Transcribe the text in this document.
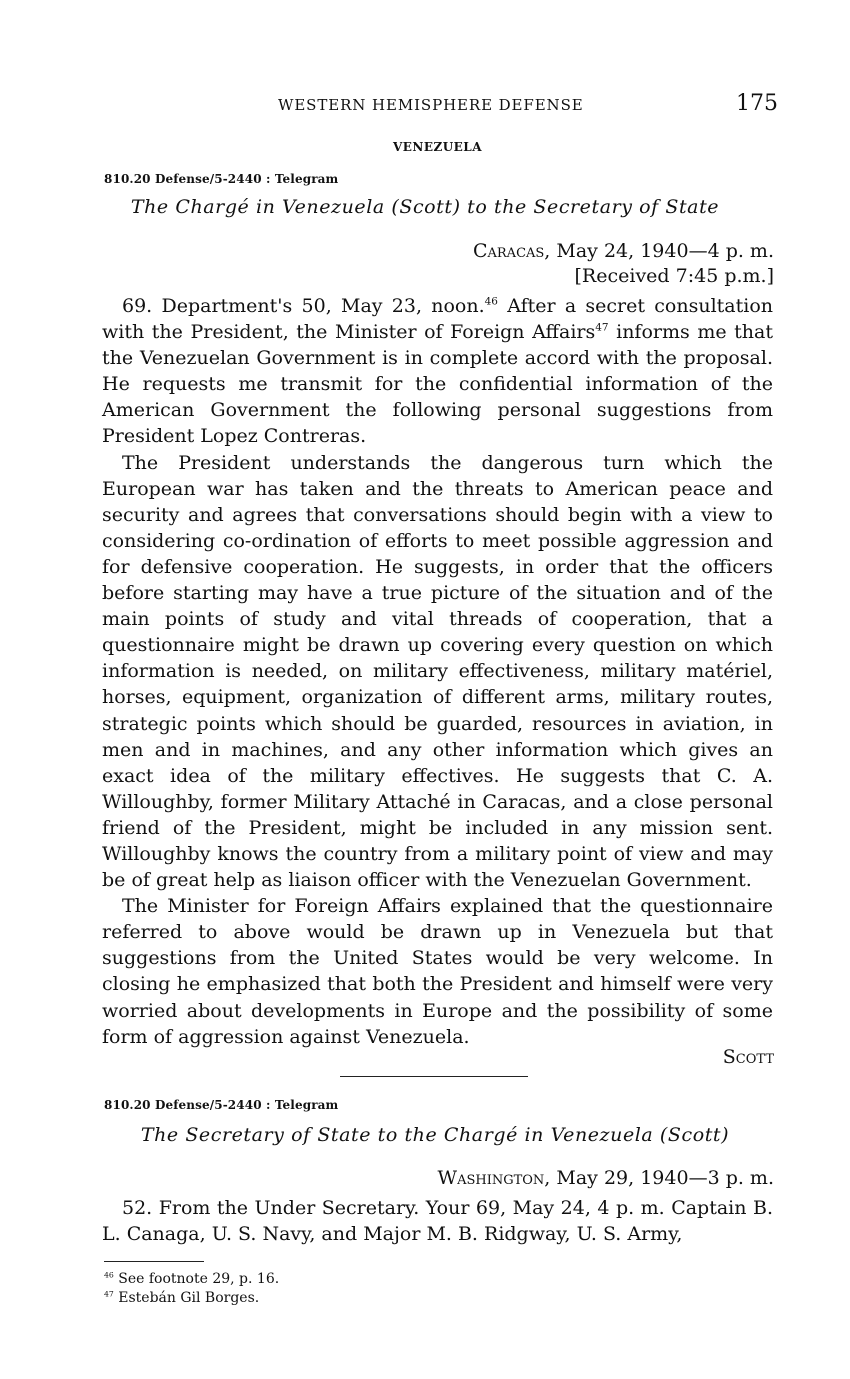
WESTERN HEMISPHERE DEFENSE	175
VENEZUELA
810.20 Defense/5-2440 : Telegram
The Chargé in Venezuela (Scott) to the Secretary of State
Caracas, May 24, 1940—4 p. m.
[Received 7:45 p.m.]

69. Department's 50, May 23, noon.$^{46}$ After a secret consultation with the President, the Minister of Foreign Affairs$^{47}$ informs me that the Venezuelan Government is in complete accord with the proposal. He requests me transmit for the confidential information of the American Government the following personal suggestions from President Lopez Contreras.

The President understands the dangerous turn which the European war has taken and the threats to American peace and security and agrees that conversations should begin with a view to considering co-ordination of efforts to meet possible aggression and for defensive cooperation. He suggests, in order that the officers before starting may have a true picture of the situation and of the main points of study and vital threads of cooperation, that a questionnaire might be drawn up covering every question on which information is needed, on military effectiveness, military matériel, horses, equipment, organization of different arms, military routes, strategic points which should be guarded, resources in aviation, in men and in machines, and any other information which gives an exact idea of the military effectives. He suggests that C. A. Willoughby, former Military Attaché in Caracas, and a close personal friend of the President, might be included in any mission sent. Willoughby knows the country from a military point of view and may be of great help as liaison officer with the Venezuelan Government.

The Minister for Foreign Affairs explained that the questionnaire referred to above would be drawn up in Venezuela but that suggestions from the United States would be very welcome. In closing he emphasized that both the President and himself were very worried about developments in Europe and the possibility of some form of aggression against Venezuela.

Scott
810.20 Defense/5-2440 : Telegram
The Secretary of State to the Chargé in Venezuela (Scott)
Washington, May 29, 1940—3 p. m.

52. From the Under Secretary. Your 69, May 24, 4 p. m. Captain B. L. Canaga, U. S. Navy, and Major M. B. Ridgway, U. S. Army,

$^{46}$ See footnote 29, p. 16.
$^{47}$ Estebán Gil Borges.
